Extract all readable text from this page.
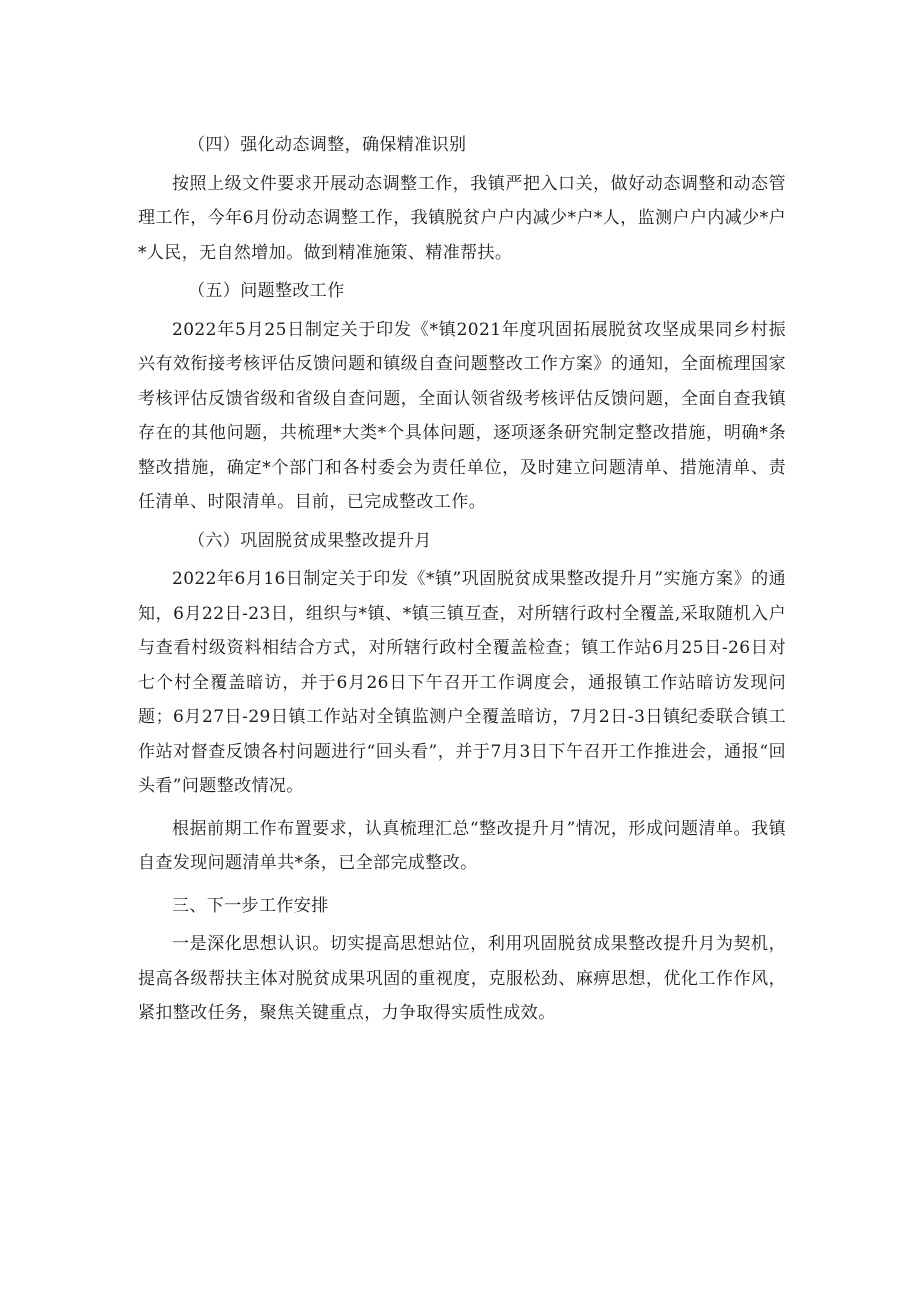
（四）强化动态调整，确保精准识别

按照上级文件要求开展动态调整工作，我镇严把入口关，做好动态调整和动态管理工作，今年6月份动态调整工作，我镇脱贫户户内减少*户*人，监测户户内减少*户*人民，无自然增加。做到精准施策、精准帮扶。

（五）问题整改工作

2022年5月25日制定关于印发《*镇2021年度巩固拓展脱贫攻坚成果同乡村振兴有效衔接考核评估反馈问题和镇级自查问题整改工作方案》的通知，全面梳理国家考核评估反馈省级和省级自查问题，全面认领省级考核评估反馈问题，全面自查我镇存在的其他问题，共梳理*大类*个具体问题，逐项逐条研究制定整改措施，明确*条整改措施，确定*个部门和各村委会为责任单位，及时建立问题清单、措施清单、责任清单、时限清单。目前，已完成整改工作。

（六）巩固脱贫成果整改提升月

2022年6月16日制定关于印发《*镇”巩固脱贫成果整改提升月”实施方案》的通知，6月22日-23日，组织与*镇、*镇三镇互查，对所辖行政村全覆盖,采取随机入户与查看村级资料相结合方式，对所辖行政村全覆盖检查；镇工作站6月25日-26日对七个村全覆盖暗访，并于6月26日下午召开工作调度会，通报镇工作站暗访发现问题；6月27日-29日镇工作站对全镇监测户全覆盖暗访，7月2日-3日镇纪委联合镇工作站对督查反馈各村问题进行“回头看”，并于7月3日下午召开工作推进会，通报“回头看”问题整改情况。

根据前期工作布置要求，认真梳理汇总“整改提升月”情况，形成问题清单。我镇自查发现问题清单共*条，已全部完成整改。

三、下一步工作安排

一是深化思想认识。切实提高思想站位，利用巩固脱贫成果整改提升月为契机，提高各级帮扶主体对脱贫成果巩固的重视度，克服松劲、麻痹思想，优化工作作风，紧扣整改任务，聚焦关键重点，力争取得实质性成效。
